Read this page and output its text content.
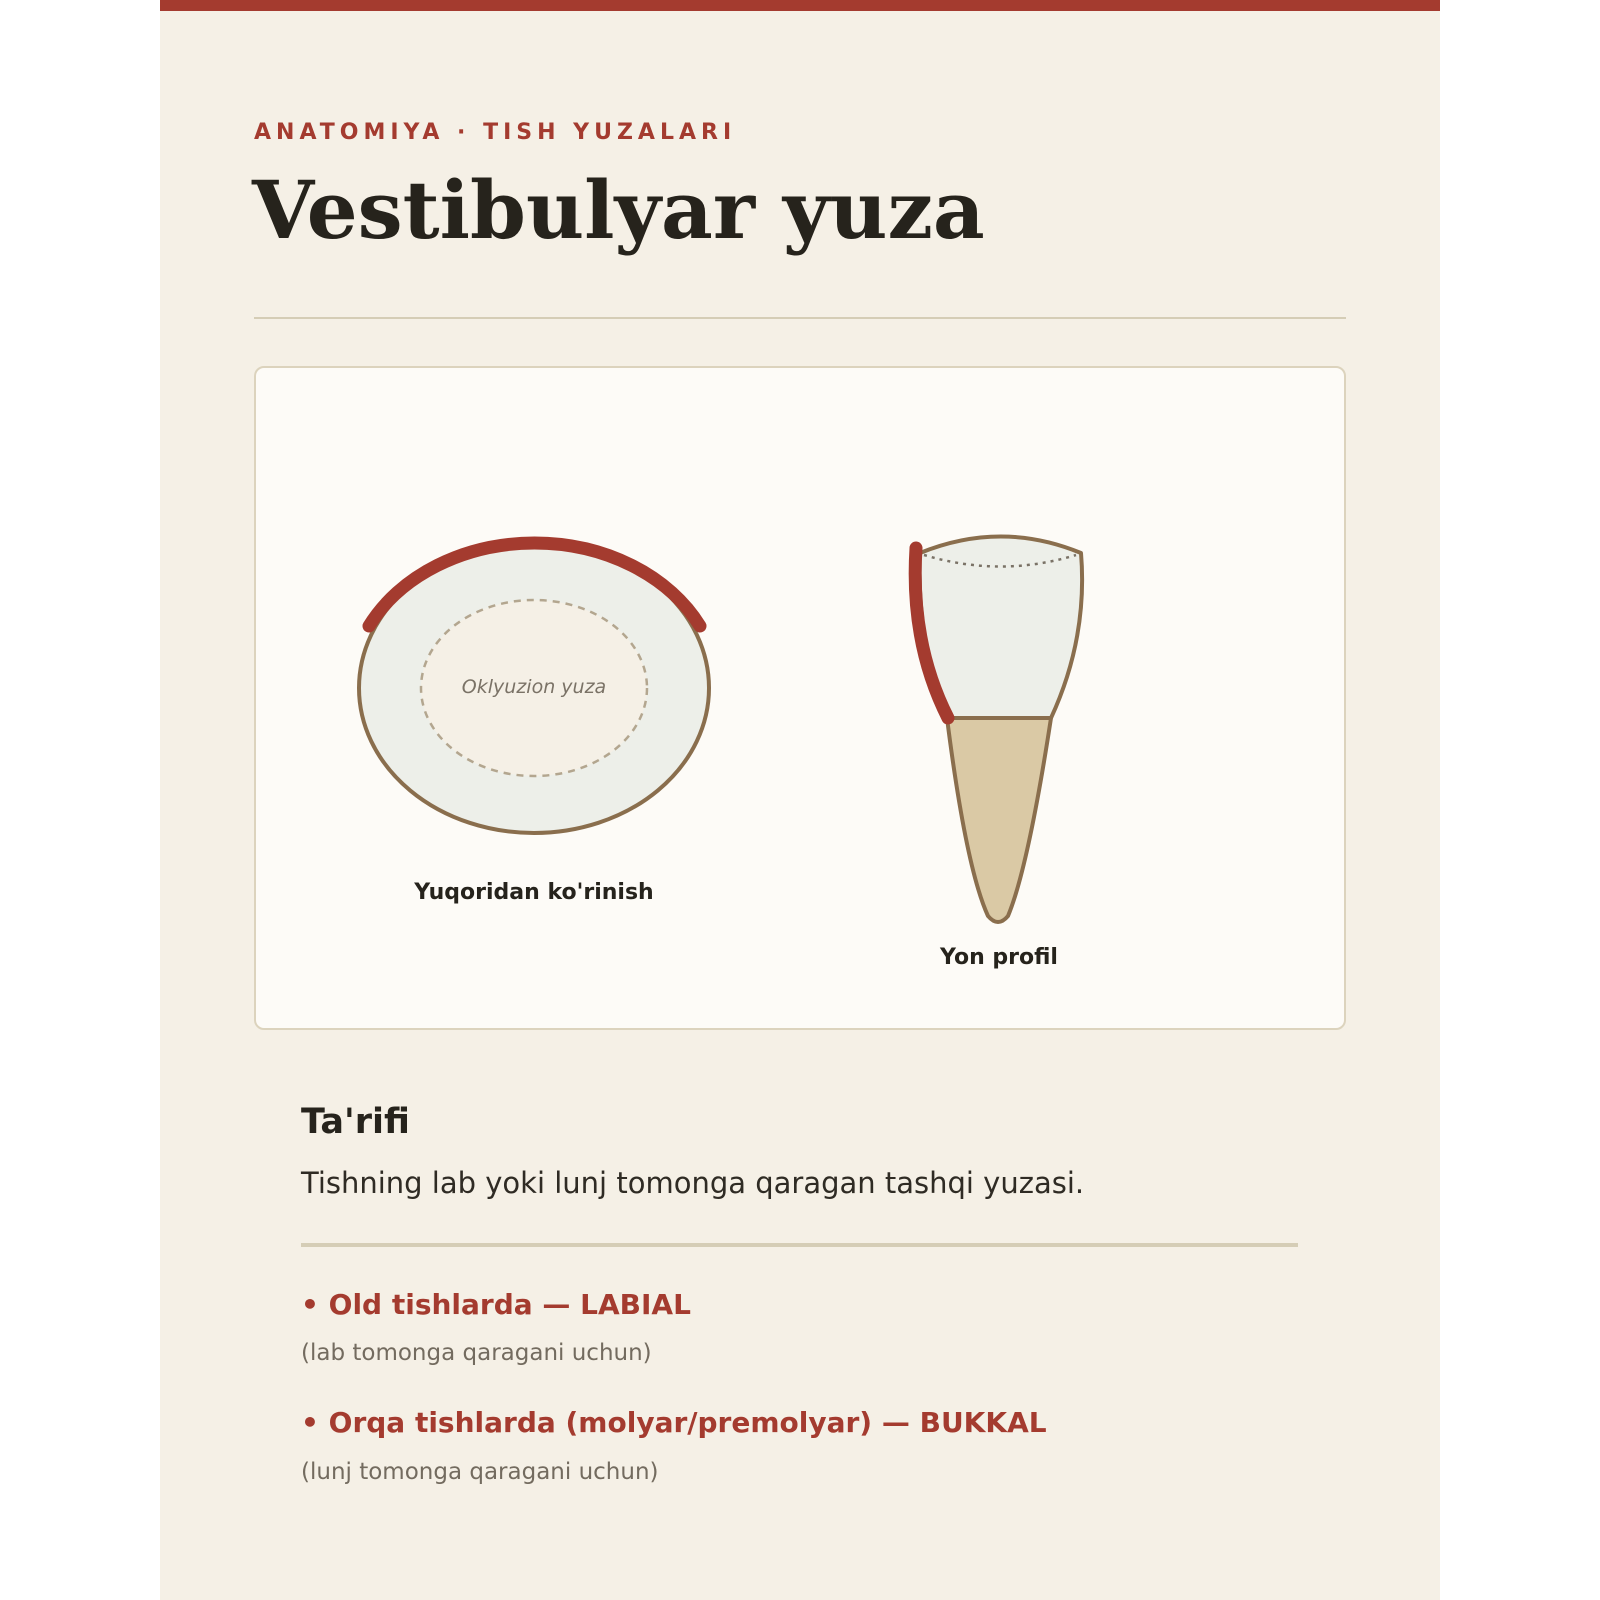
ANATOMIYA · TISH YUZALARI

Vestibulyar yuza
Oklyuzion yuza
Yuqoridan ko'rinish
Yon profil
Ta'rifi

Tishning lab yoki lunj tomonga qaragan tashqi yuzasi.

• Old tishlarda — LABIAL

(lab tomonga qaragani uchun)

• Orqa tishlarda (molyar/premolyar) — BUKKAL

(lunj tomonga qaragani uchun)
